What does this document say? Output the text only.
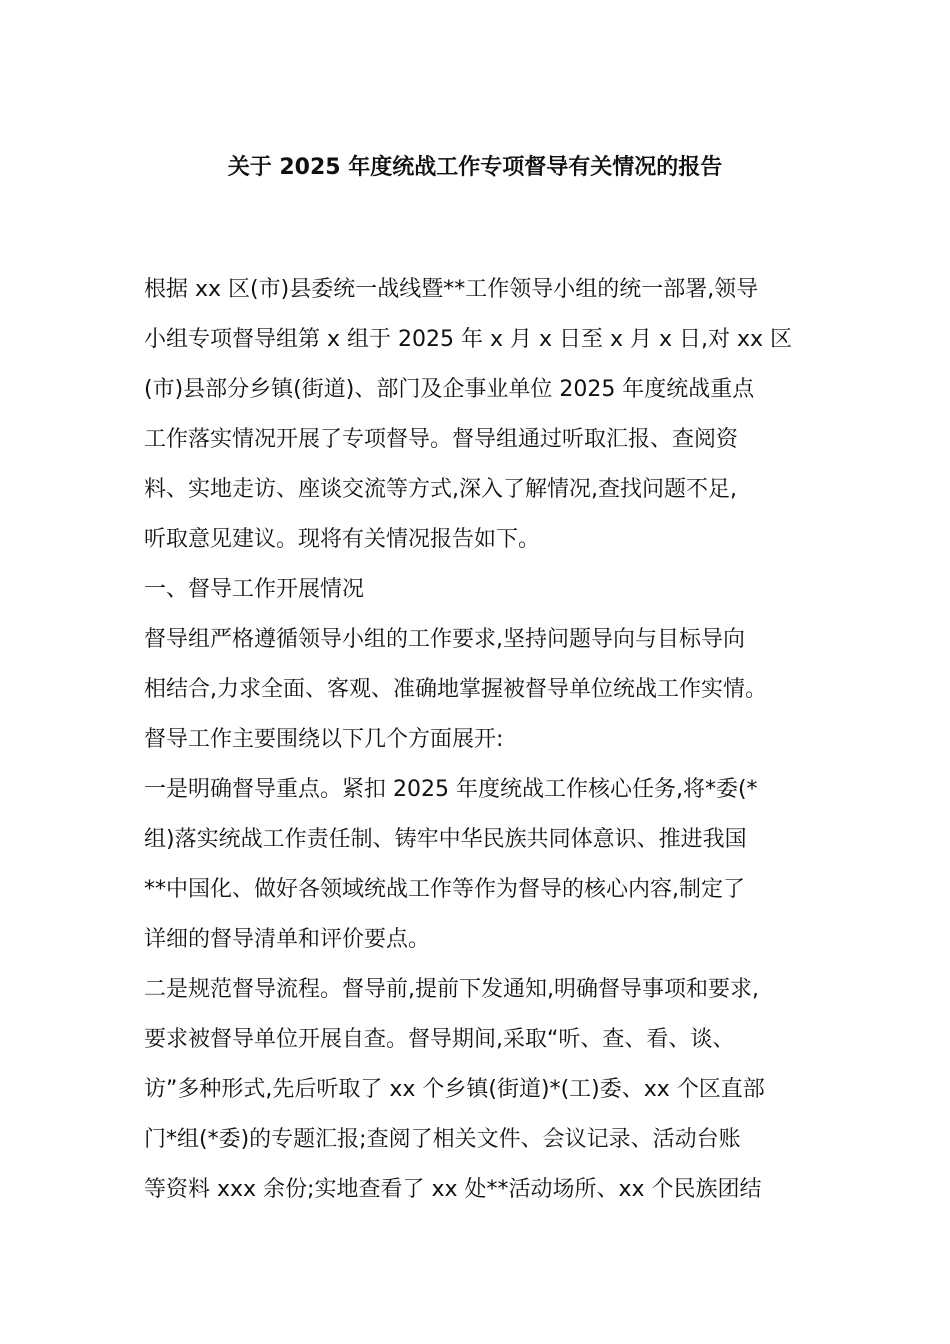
关于 2025 年度统战工作专项督导有关情况的报告

根据 xx 区(市)县委统一战线暨**工作领导小组的统一部署,领导

小组专项督导组第 x 组于 2025 年 x 月 x 日至 x 月 x 日,对 xx 区

(市)县部分乡镇(街道)、部门及企事业单位 2025 年度统战重点

工作落实情况开展了专项督导。督导组通过听取汇报、查阅资

料、实地走访、座谈交流等方式,深入了解情况,查找问题不足,

听取意见建议。现将有关情况报告如下。

一、督导工作开展情况

督导组严格遵循领导小组的工作要求,坚持问题导向与目标导向

相结合,力求全面、客观、准确地掌握被督导单位统战工作实情。

督导工作主要围绕以下几个方面展开:

一是明确督导重点。紧扣 2025 年度统战工作核心任务,将*委(*

组)落实统战工作责任制、铸牢中华民族共同体意识、推进我国

**中国化、做好各领域统战工作等作为督导的核心内容,制定了

详细的督导清单和评价要点。

二是规范督导流程。督导前,提前下发通知,明确督导事项和要求,

要求被督导单位开展自查。督导期间,采取“听、查、看、谈、

访”多种形式,先后听取了 xx 个乡镇(街道)*(工)委、xx 个区直部

门*组(*委)的专题汇报;查阅了相关文件、会议记录、活动台账

等资料 xxx 余份;实地查看了 xx 处**活动场所、xx 个民族团结
